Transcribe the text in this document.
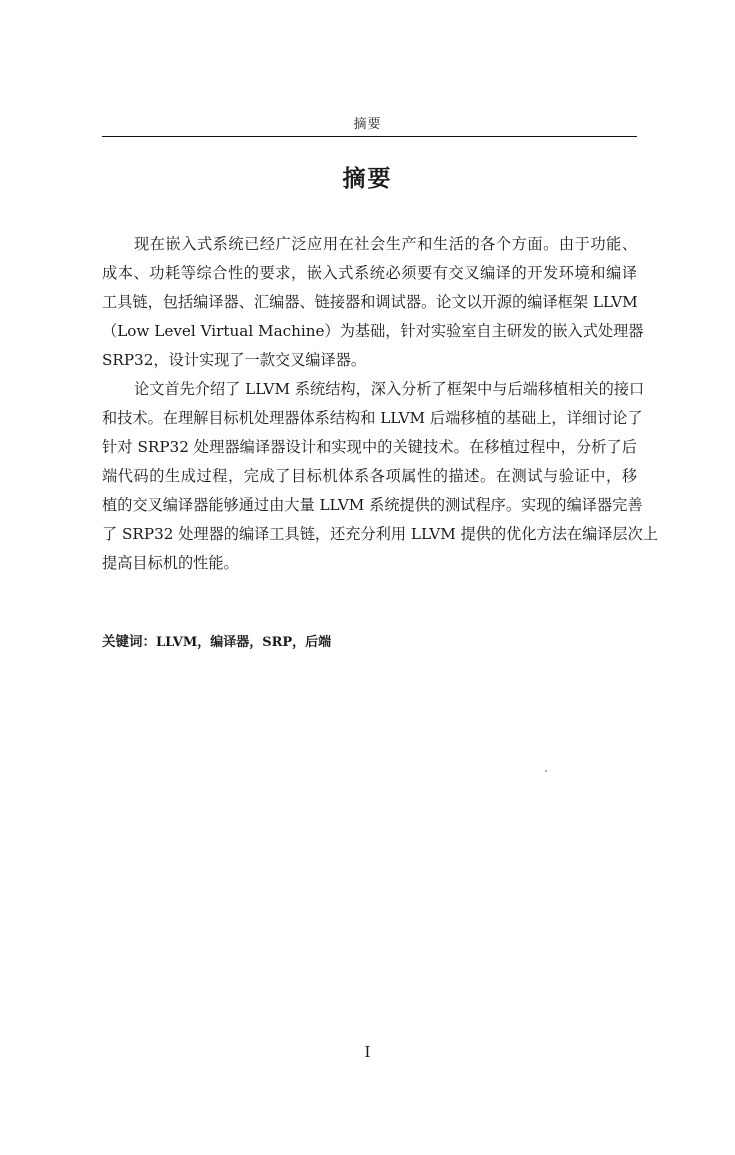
摘要
摘要
现在嵌入式系统已经广泛应用在社会生产和生活的各个方面。由于功能、
成本、功耗等综合性的要求，嵌入式系统必须要有交叉编译的开发环境和编译
工具链，包括编译器、汇编器、链接器和调试器。论文以开源的编译框架 LLVM
（Low Level Virtual Machine）为基础，针对实验室自主研发的嵌入式处理器
SRP32，设计实现了一款交叉编译器。
论文首先介绍了 LLVM 系统结构，深入分析了框架中与后端移植相关的接口
和技术。在理解目标机处理器体系结构和 LLVM 后端移植的基础上，详细讨论了
针对 SRP32 处理器编译器设计和实现中的关键技术。在移植过程中，分析了后
端代码的生成过程，完成了目标机体系各项属性的描述。在测试与验证中，移
植的交叉编译器能够通过由大量 LLVM 系统提供的测试程序。实现的编译器完善
了 SRP32 处理器的编译工具链，还充分利用 LLVM 提供的优化方法在编译层次上
提高目标机的性能。
关键词：LLVM，编译器，SRP，后端
I
